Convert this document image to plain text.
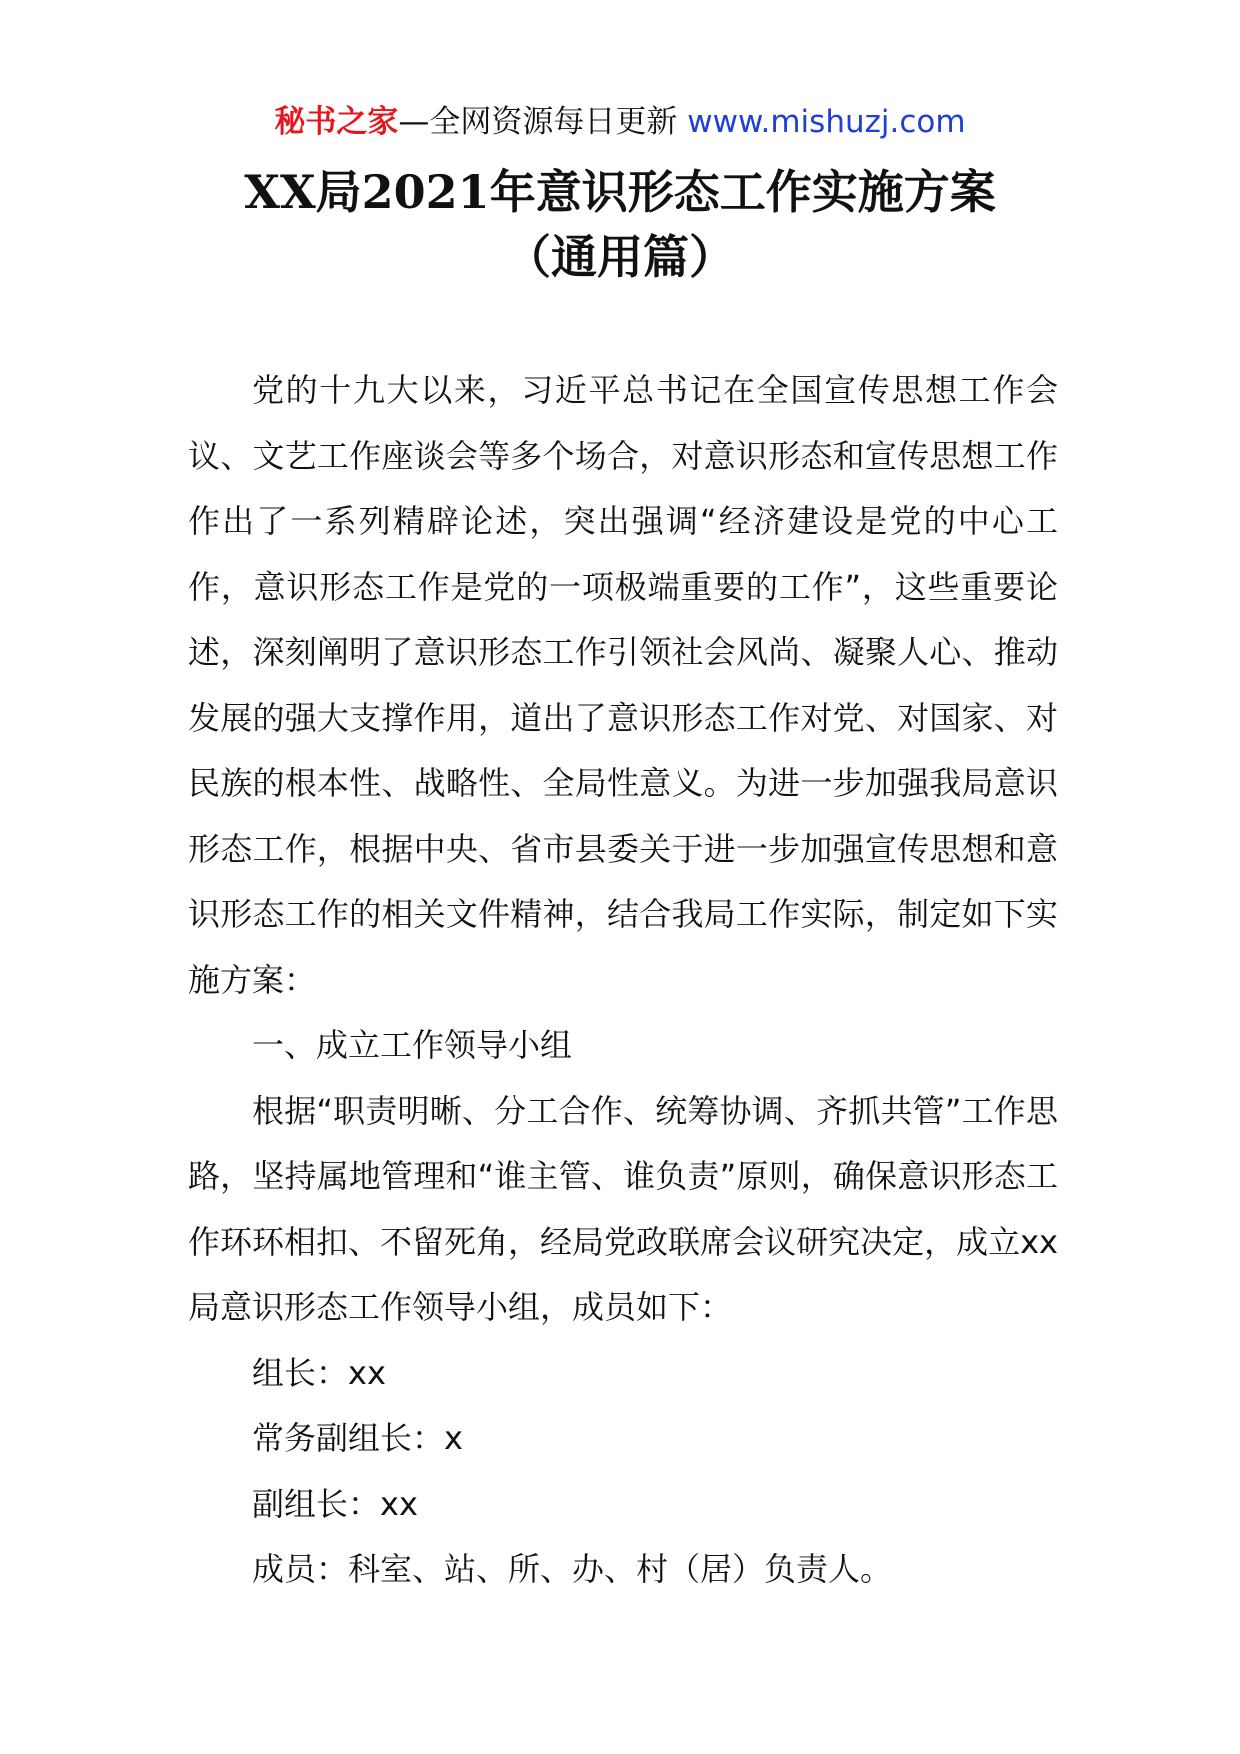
秘书之家—全网资源每日更新 www.mishuzj.com
XX局2021年意识形态工作实施方案
（通用篇）

党的十九大以来，习近平总书记在全国宣传思想工作会议、文艺工作座谈会等多个场合，对意识形态和宣传思想工作作出了一系列精辟论述，突出强调“经济建设是党的中心工作，意识形态工作是党的一项极端重要的工作”，这些重要论述，深刻阐明了意识形态工作引领社会风尚、凝聚人心、推动发展的强大支撑作用，道出了意识形态工作对党、对国家、对民族的根本性、战略性、全局性意义。为进一步加强我局意识形态工作，根据中央、省市县委关于进一步加强宣传思想和意识形态工作的相关文件精神，结合我局工作实际，制定如下实施方案：

一、成立工作领导小组

根据“职责明晰、分工合作、统筹协调、齐抓共管”工作思路，坚持属地管理和“谁主管、谁负责”原则，确保意识形态工作环环相扣、不留死角，经局党政联席会议研究决定，成立xx局意识形态工作领导小组，成员如下：

组长：xx

常务副组长：x

副组长：xx

成员：科室、站、所、办、村（居）负责人。
